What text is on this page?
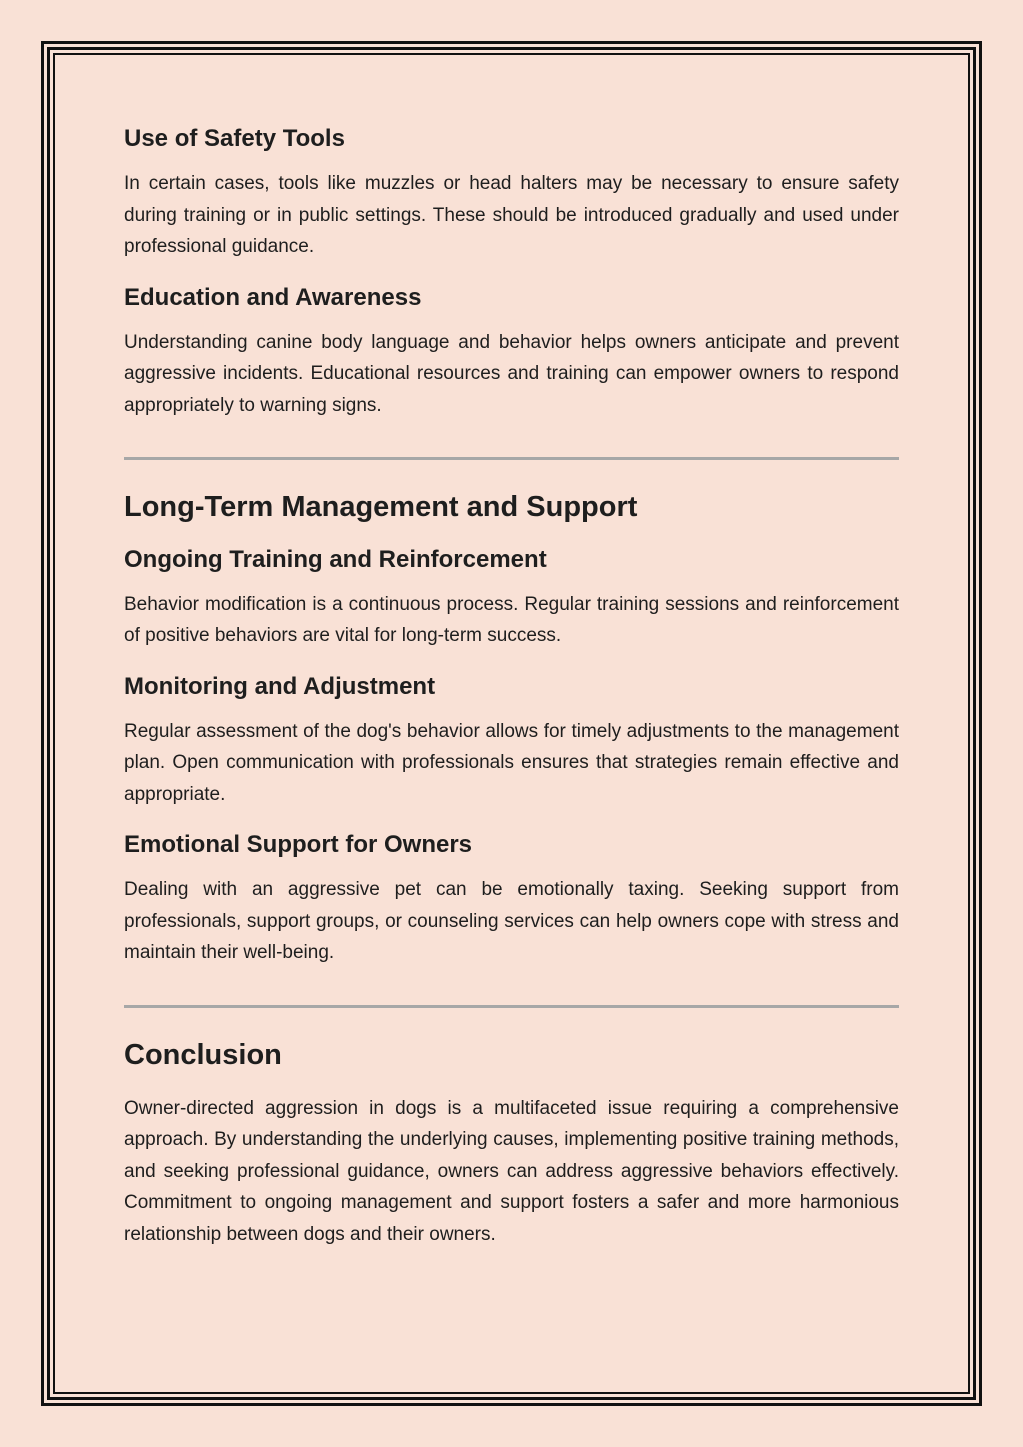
Use of Safety Tools

In certain cases, tools like muzzles or head halters may be necessary to ensure safety during training or in public settings. These should be introduced gradually and used under professional guidance.

Education and Awareness

Understanding canine body language and behavior helps owners anticipate and prevent aggressive incidents. Educational resources and training can empower owners to respond appropriately to warning signs.

Long-Term Management and Support
Ongoing Training and Reinforcement

Behavior modification is a continuous process. Regular training sessions and reinforcement of positive behaviors are vital for long-term success.

Monitoring and Adjustment

Regular assessment of the dog's behavior allows for timely adjustments to the management plan. Open communication with professionals ensures that strategies remain effective and appropriate.

Emotional Support for Owners

Dealing with an aggressive pet can be emotionally taxing. Seeking support from professionals, support groups, or counseling services can help owners cope with stress and maintain their well-being.

Conclusion

Owner-directed aggression in dogs is a multifaceted issue requiring a comprehensive approach. By understanding the underlying causes, implementing positive training methods, and seeking professional guidance, owners can address aggressive behaviors effectively. Commitment to ongoing management and support fosters a safer and more harmonious relationship between dogs and their owners.
